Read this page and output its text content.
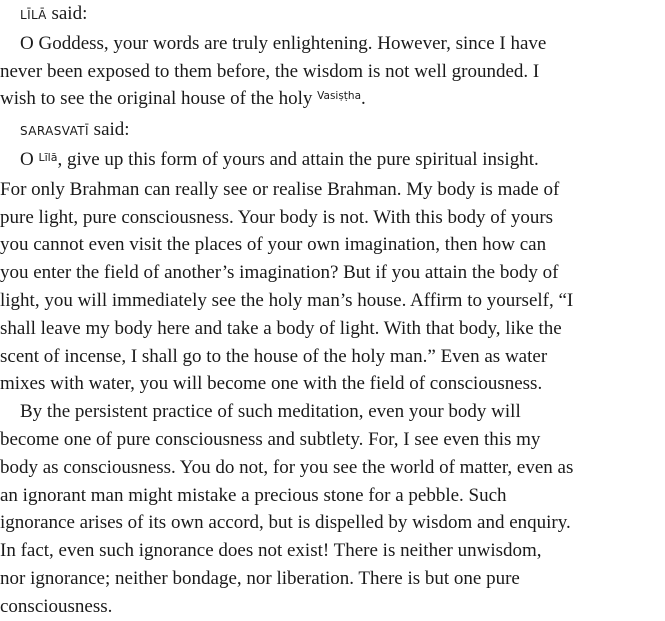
LĪLĀ said:
O Goddess, your words are truly enlightening. However, since I have
never been exposed to them before, the wisdom is not well grounded. I
wish to see the original house of the holy $^{Vasiṣṭha}$.
SARASVATĪ said:
O $^{Līlā}$, give up this form of yours and attain the pure spiritual insight.
For only Brahman can really see or realise Brahman. My body is made of
pure light, pure consciousness. Your body is not. With this body of yours
you cannot even visit the places of your own imagination, then how can
you enter the field of another’s imagination? But if you attain the body of
light, you will immediately see the holy man’s house. Affirm to yourself, “I
shall leave my body here and take a body of light. With that body, like the
scent of incense, I shall go to the house of the holy man.” Even as water
mixes with water, you will become one with the field of consciousness.
By the persistent practice of such meditation, even your body will
become one of pure consciousness and subtlety. For, I see even this my
body as consciousness. You do not, for you see the world of matter, even as
an ignorant man might mistake a precious stone for a pebble. Such
ignorance arises of its own accord, but is dispelled by wisdom and enquiry.
In fact, even such ignorance does not exist! There is neither unwisdom,
nor ignorance; neither bondage, nor liberation. There is but one pure
consciousness.
